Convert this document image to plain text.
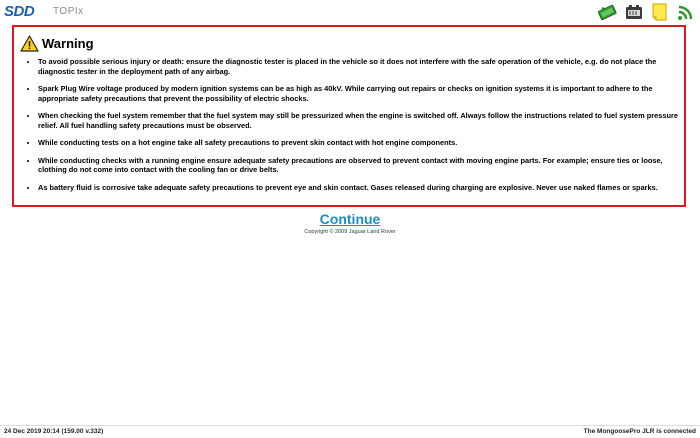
SDD TOPIx
Warning
• To avoid possible serious injury or death: ensure the diagnostic tester is placed in the vehicle so it does not interfere with the safe operation of the vehicle, e.g. do not place the diagnostic tester in the deployment path of any airbag.
• Spark Plug Wire voltage produced by modern ignition systems can be as high as 40kV. While carrying out repairs or checks on ignition systems it is important to adhere to the appropriate safety precautions that prevent the possibility of electric shocks.
• When checking the fuel system remember that the fuel system may still be pressurized when the engine is switched off. Always follow the instructions related to fuel system pressure relief. All fuel handling safety precautions must be observed.
• While conducting tests on a hot engine take all safety precautions to prevent skin contact with hot engine components.
• While conducting checks with a running engine ensure adequate safety precautions are observed to prevent contact with moving engine parts. For example; ensure ties or loose, clothing do not come into contact with the cooling fan or drive belts.
• As battery fluid is corrosive take adequate safety precautions to prevent eye and skin contact. Gases released during charging are explosive. Never use naked flames or sparks.
Continue
Copyright © 2009 Jaguar Land Rover
24 Dec 2019 20:14 (159.00 v.332)	The MongoosePro JLR is connected
